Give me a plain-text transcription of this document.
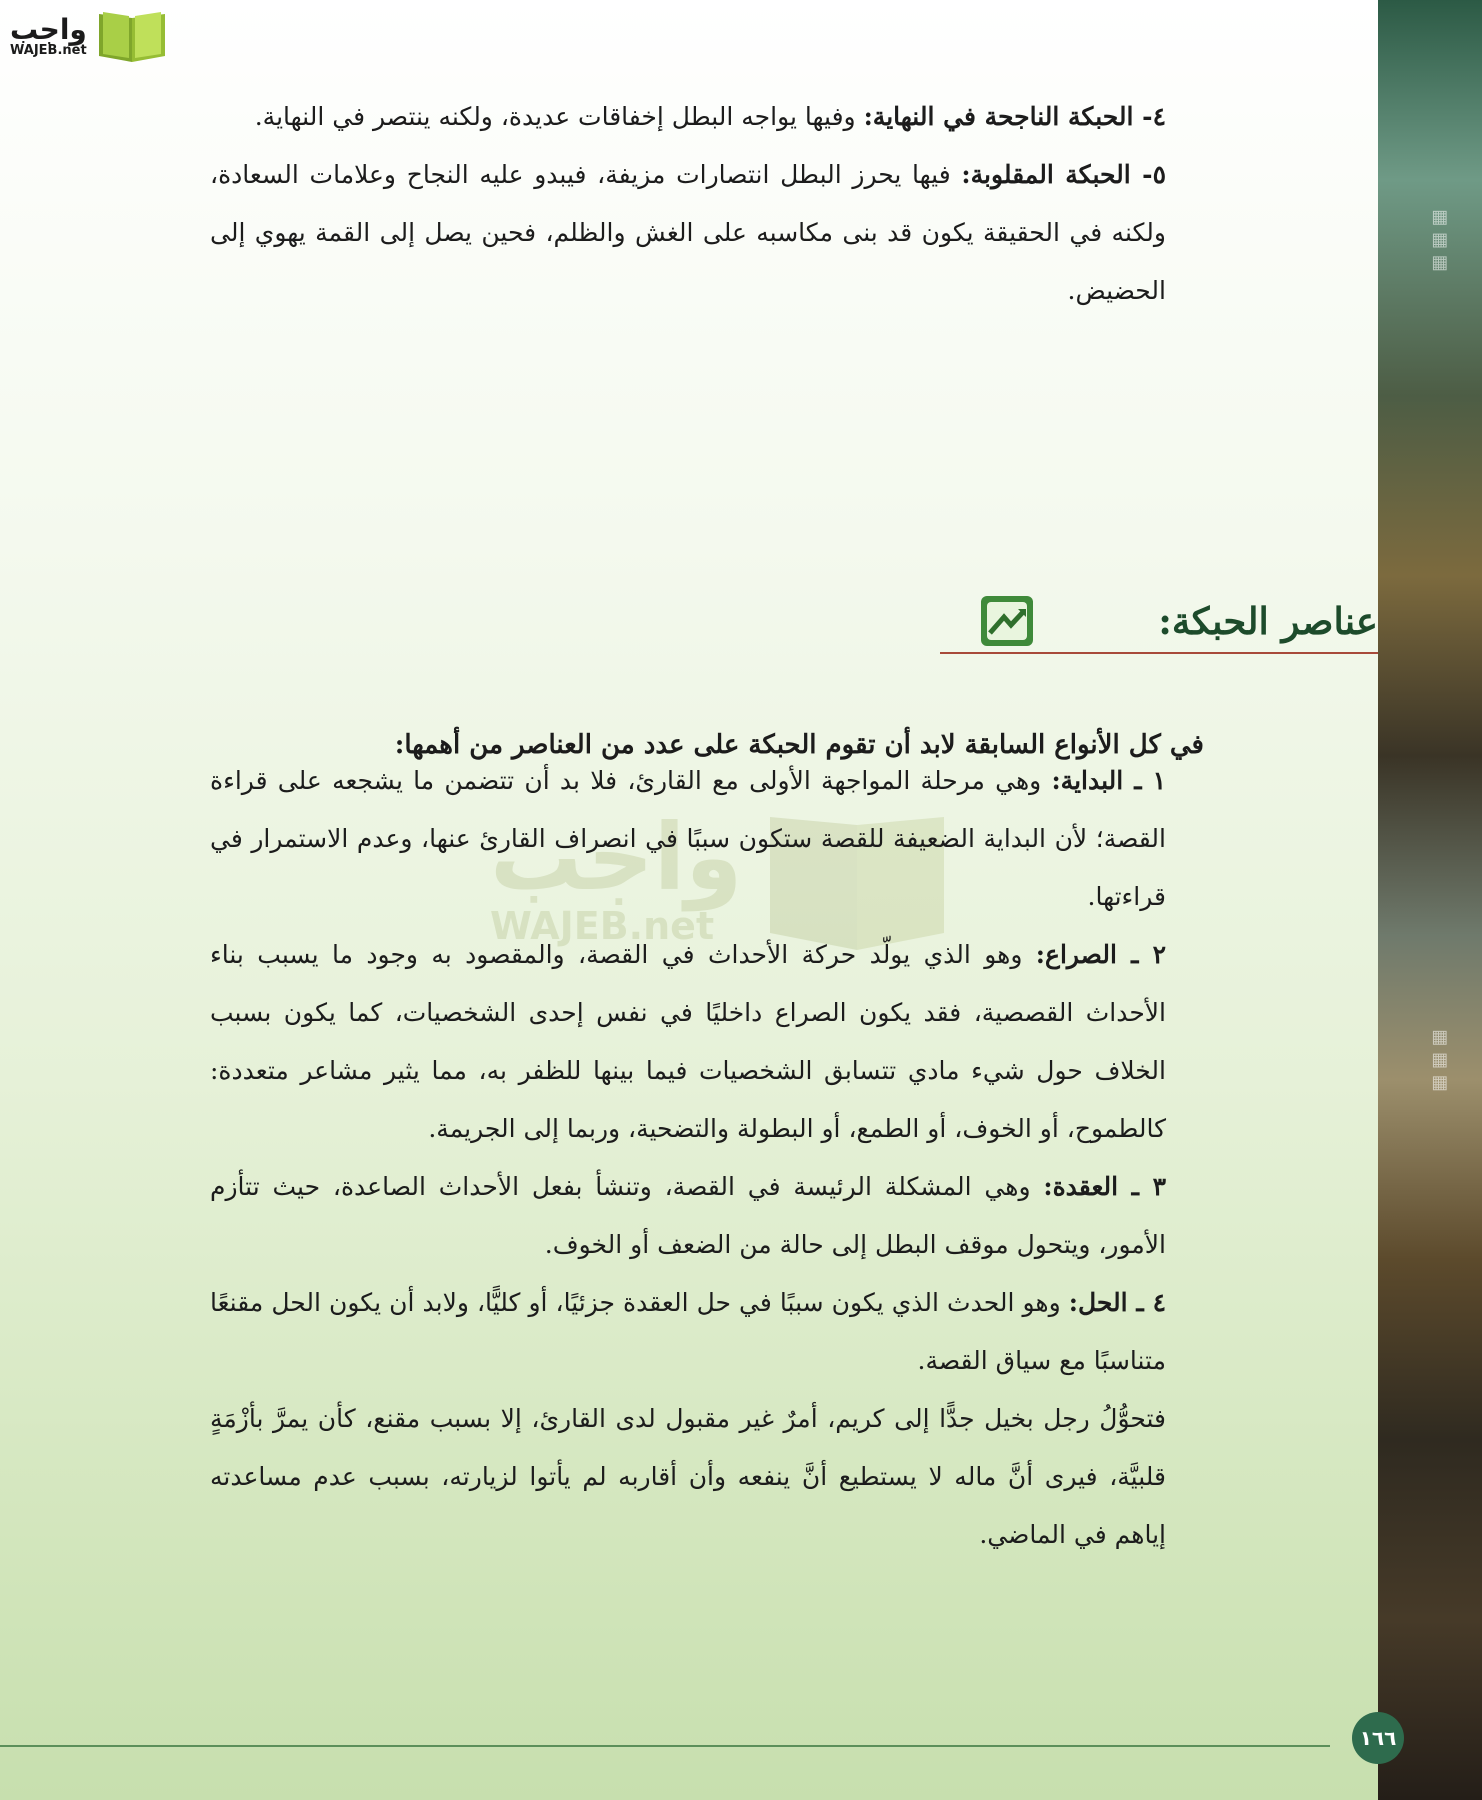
▦ ▦ ▦
▦ ▦ ▦
واجب
WAJEB.net
واجب
WAJEB.net

٤- الحبكة الناجحة في النهاية: وفيها يواجه البطل إخفاقات عديدة، ولكنه ينتصر في النهاية.

٥- الحبكة المقلوبة: فيها يحرز البطل انتصارات مزيفة، فيبدو عليه النجاح وعلامات السعادة، ولكنه في الحقيقة يكون قد بنى مكاسبه على الغش والظلم، فحين يصل إلى القمة يهوي إلى الحضيض.

عناصر الحبكة:

في كل الأنواع السابقة لابد أن تقوم الحبكة على عدد من العناصر من أهمها:

١ ـ البداية: وهي مرحلة المواجهة الأولى مع القارئ، فلا بد أن تتضمن ما يشجعه على قراءة القصة؛ لأن البداية الضعيفة للقصة ستكون سببًا في انصراف القارئ عنها، وعدم الاستمرار في قراءتها.

٢ ـ الصراع: وهو الذي يولّد حركة الأحداث في القصة، والمقصود به وجود ما يسبب بناء الأحداث القصصية، فقد يكون الصراع داخليًا في نفس إحدى الشخصيات، كما يكون بسبب الخلاف حول شيء مادي تتسابق الشخصيات فيما بينها للظفر به، مما يثير مشاعر متعددة: كالطموح، أو الخوف، أو الطمع، أو البطولة والتضحية، وربما إلى الجريمة.

٣ ـ العقدة: وهي المشكلة الرئيسة في القصة، وتنشأ بفعل الأحداث الصاعدة، حيث تتأزم الأمور، ويتحول موقف البطل إلى حالة من الضعف أو الخوف.

٤ ـ الحل: وهو الحدث الذي يكون سببًا في حل العقدة جزئيًا، أو كليًّا، ولابد أن يكون الحل مقنعًا متناسبًا مع سياق القصة.

فتحوُّلُ رجل بخيل جدًّا إلى كريم، أمرٌ غير مقبول لدى القارئ، إلا بسبب مقنع، كأن يمرَّ بأزْمَةٍ قلبيَّة، فيرى أنَّ ماله لا يستطيع أنَّ ينفعه وأن أقاربه لم يأتوا لزيارته، بسبب عدم مساعدته إياهم في الماضي.

١٦٦
